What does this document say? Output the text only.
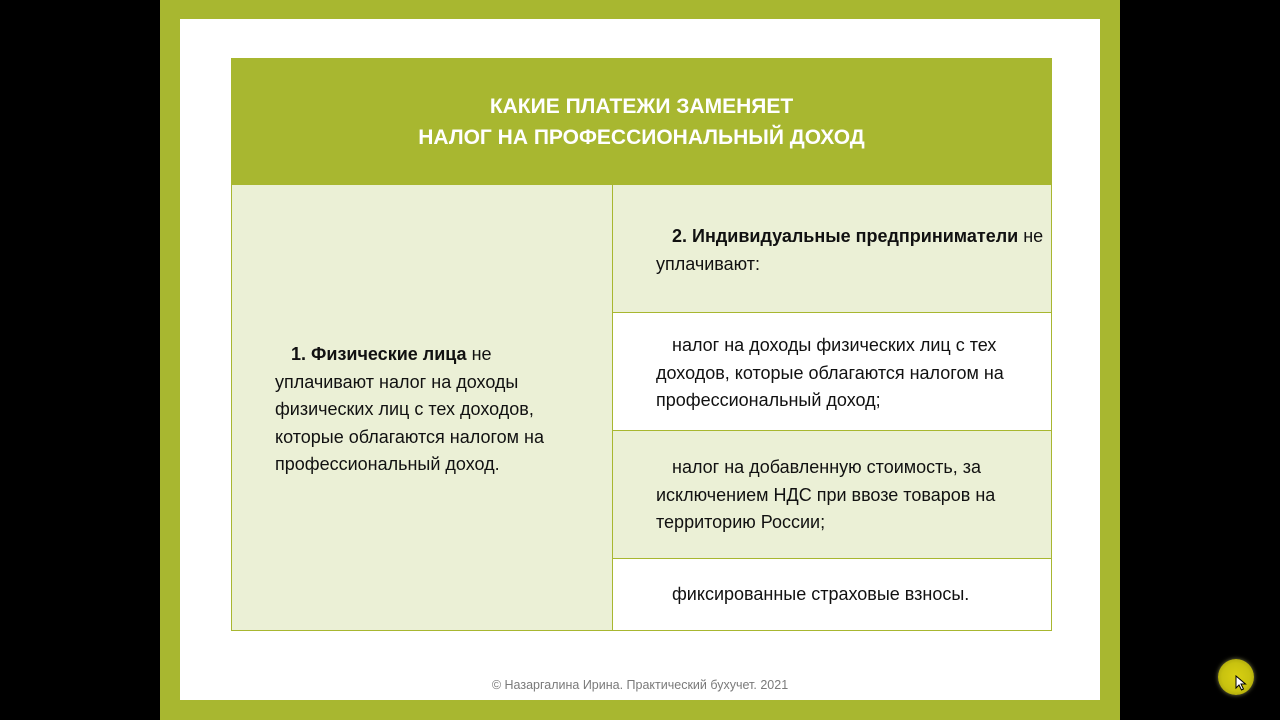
КАКИЕ ПЛАТЕЖИ ЗАМЕНЯЕТ
НАЛОГ НА ПРОФЕССИОНАЛЬНЫЙ ДОХОД
1. Физические лица не уплачивают налог на доходы физических лиц с тех доходов, которые облагаются налогом на профессиональный доход.
2. Индивидуальные предприниматели не уплачивают:
налог на доходы физических лиц с тех доходов, которые облагаются налогом на профессиональный доход;
налог на добавленную стоимость, за исключением НДС при ввозе товаров на территорию России;
фиксированные страховые взносы.
© Назаргалина Ирина. Практический бухучет. 2021
